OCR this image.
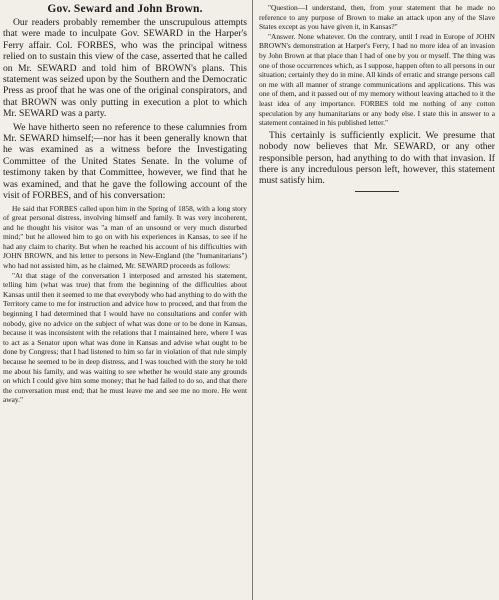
Gov. Seward and John Brown.

Our readers probably remember the unscrupulous attempts that were made to inculpate Gov. SEWARD in the Harper's Ferry affair. Col. FORBES, who was the principal witness relied on to sustain this view of the case, asserted that he called on Mr. SEWARD and told him of BROWN's plans. This statement was seized upon by the Southern and the Democratic Press as proof that he was one of the original conspirators, and that BROWN was only putting in execution a plot to which Mr. SEWARD was a party.

We have hitherto seen no reference to these calumnies from Mr. SEWARD himself;—nor has it been generally known that he was examined as a witness before the Investigating Committee of the United States Senate. In the volume of testimony taken by that Committee, however, we find that he was examined, and that he gave the following account of the visit of FORBES, and of his conversation:

He said that FORBES called upon him in the Spring of 1858, with a long story of great personal distress, involving himself and family. It was very incoherent, and he thought his visitor was "a man of an unsound or very much disturbed mind;" but he allowed him to go on with his experiences in Kansas, to see if he had any claim to charity. But when he reached his account of his difficulties with JOHN BROWN, and his letter to persons in New-England (the "humanitarians") who had not assisted him, as he claimed, Mr. SEWARD proceeds as follows:

"At that stage of the conversation I interposed and arrested his statement, telling him (what was true) that from the beginning of the difficulties about Kansas until then it seemed to me that everybody who had anything to do with the Territory came to me for instruction and advice how to proceed, and that from the beginning I had determined that I would have no consultations and confer with nobody, give no advice on the subject of what was done or to be done in Kansas, because it was inconsistent with the relations that I maintained here, where I was to act as a Senator upon what was done in Kansas and advise what ought to be done by Congress; that I had listened to him so far in violation of that rule simply because he seemed to be in deep distress, and I was touched with the story he told me about his family, and was waiting to see whether he would state any grounds on which I could give him some money; that he had failed to do so, and that there the conversation must end; that he must leave me and see me no more. He went away."

"Question—I understand, then, from your statement that he made no reference to any purpose of Brown to make an attack upon any of the Slave States except as you have given it, in Kansas?"

"Answer. None whatever. On the contrary, until I read in Europe of JOHN BROWN's demonstration at Harper's Ferry, I had no more idea of an invasion by John Brown at that place than I had of one by you or myself. The thing was one of those occurrences which, as I suppose, happen often to all persons in our situation; certainly they do in mine. All kinds of erratic and strange persons call on me with all manner of strange communications and applications. This was one of them, and it passed out of my memory without leaving attached to it the least idea of any importance. FORBES told me nothing of any cotton speculation by any humanitarians or any body else. I state this in answer to a statement contained in his published letter."

This certainly is sufficiently explicit. We presume that nobody now believes that Mr. SEWARD, or any other responsible person, had anything to do with that invasion. If there is any incredulous person left, however, this statement must satisfy him.
